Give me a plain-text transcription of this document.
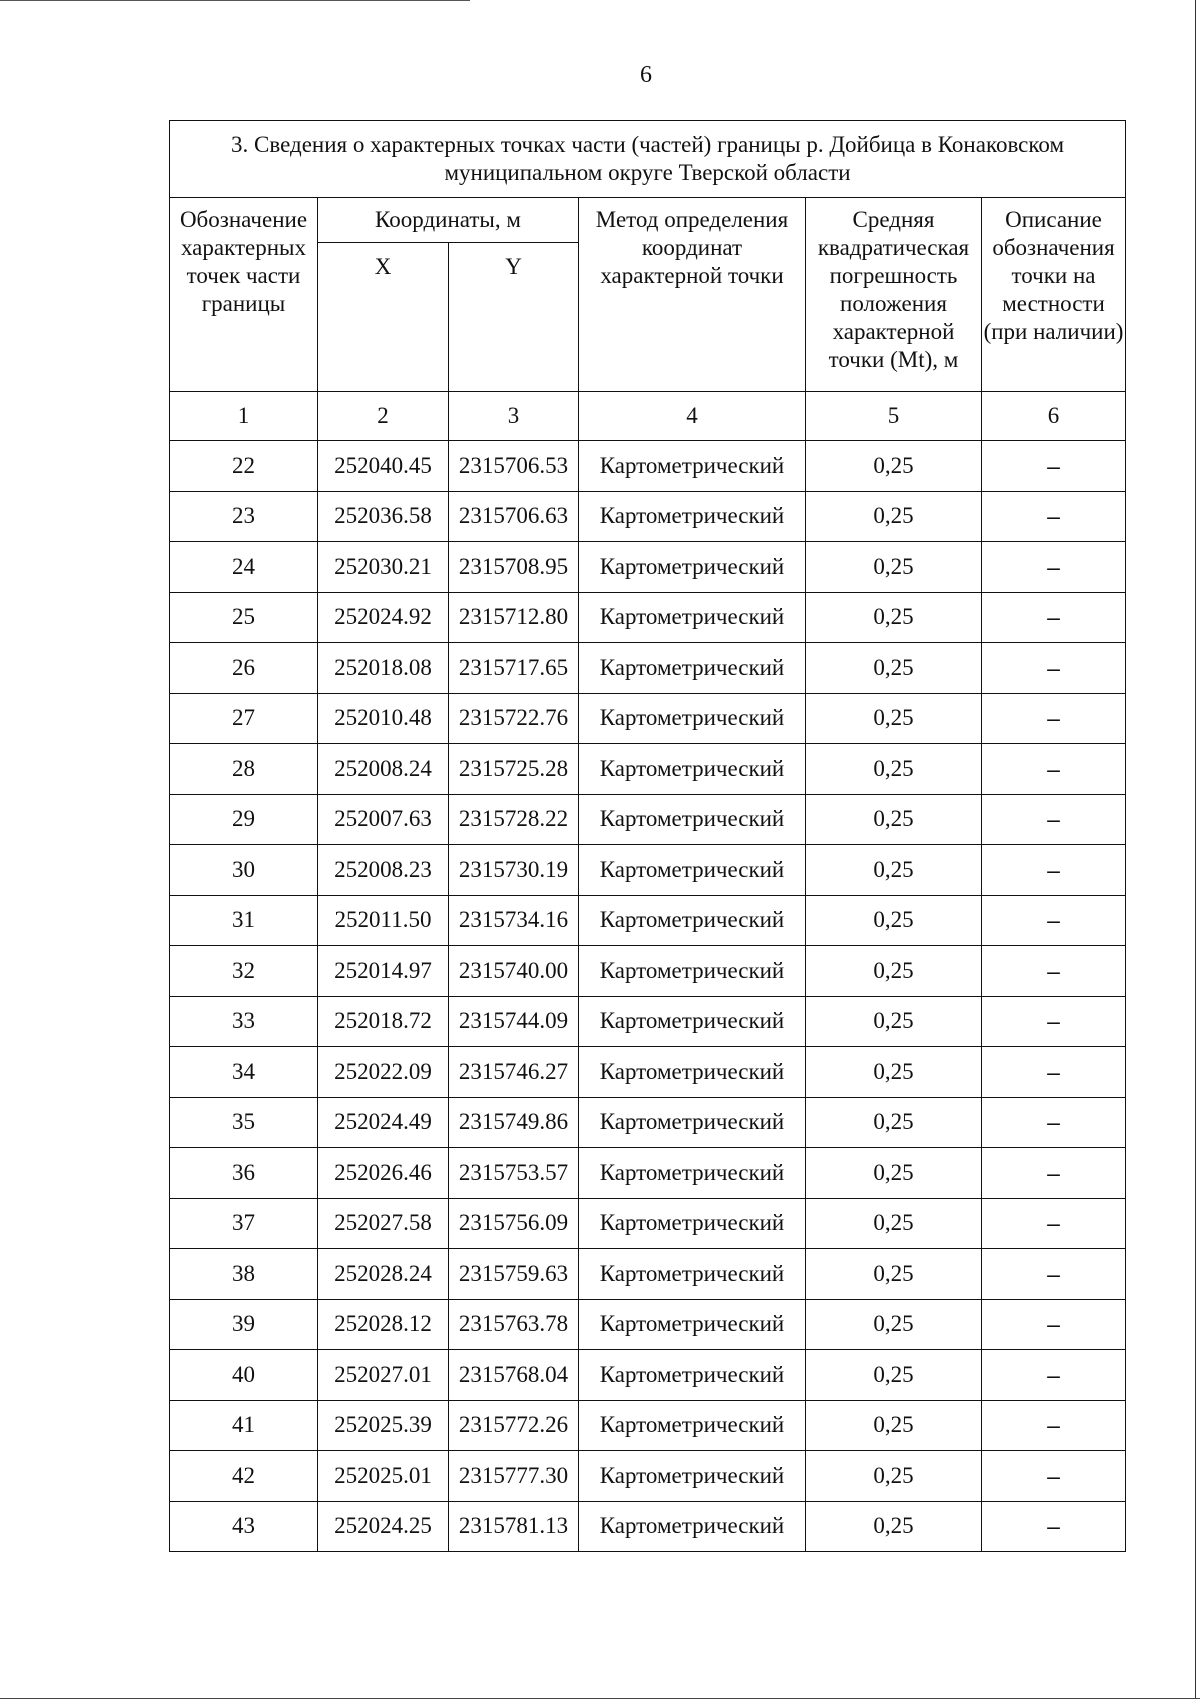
6
3. Сведения о характерных точках части (частей) границы р. Дойбица в Конаковском муниципальном округе Тверской области					
Обозначение характерных точек части границы	Координаты, м		Метод определения координат характерной точки	Средняя квадратическая погрешность положения характерной точки (Mt), м	Описание обозначения точки на местности (при наличии)
	X	Y			
1	2	3	4	5	6
22	252040.45	2315706.53	Картометрический	0,25	–
23	252036.58	2315706.63	Картометрический	0,25	–
24	252030.21	2315708.95	Картометрический	0,25	–
25	252024.92	2315712.80	Картометрический	0,25	–
26	252018.08	2315717.65	Картометрический	0,25	–
27	252010.48	2315722.76	Картометрический	0,25	–
28	252008.24	2315725.28	Картометрический	0,25	–
29	252007.63	2315728.22	Картометрический	0,25	–
30	252008.23	2315730.19	Картометрический	0,25	–
31	252011.50	2315734.16	Картометрический	0,25	–
32	252014.97	2315740.00	Картометрический	0,25	–
33	252018.72	2315744.09	Картометрический	0,25	–
34	252022.09	2315746.27	Картометрический	0,25	–
35	252024.49	2315749.86	Картометрический	0,25	–
36	252026.46	2315753.57	Картометрический	0,25	–
37	252027.58	2315756.09	Картометрический	0,25	–
38	252028.24	2315759.63	Картометрический	0,25	–
39	252028.12	2315763.78	Картометрический	0,25	–
40	252027.01	2315768.04	Картометрический	0,25	–
41	252025.39	2315772.26	Картометрический	0,25	–
42	252025.01	2315777.30	Картометрический	0,25	–
43	252024.25	2315781.13	Картометрический	0,25	–
